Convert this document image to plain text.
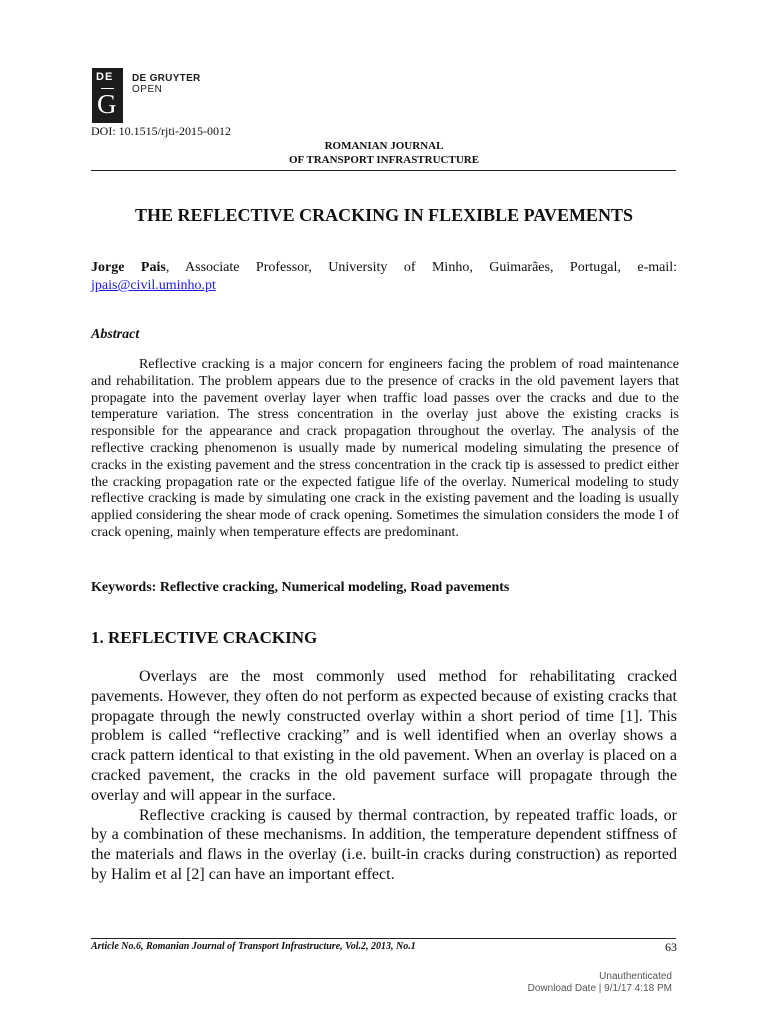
DE
G
DE GRUYTER
OPEN
DOI: 10.1515/rjti-2015-0012
ROMANIAN JOURNAL
OF TRANSPORT INFRASTRUCTURE
THE REFLECTIVE CRACKING IN FLEXIBLE PAVEMENTS
Jorge Pais, Associate Professor, University of Minho, Guimarães, Portugal, e-mail:
jpais@civil.uminho.pt
Abstract

Reflective cracking is a major concern for engineers facing the problem of road maintenance and rehabilitation. The problem appears due to the presence of cracks in the old pavement layers that propagate into the pavement overlay layer when traffic load passes over the cracks and due to the temperature variation. The stress concentration in the overlay just above the existing cracks is responsible for the appearance and crack propagation throughout the overlay. The analysis of the reflective cracking phenomenon is usually made by numerical modeling simulating the presence of cracks in the existing pavement and the stress concentration in the crack tip is assessed to predict either the cracking propagation rate or the expected fatigue life of the overlay. Numerical modeling to study reflective cracking is made by simulating one crack in the existing pavement and the loading is usually applied considering the shear mode of crack opening. Sometimes the simulation considers the mode I of crack opening, mainly when temperature effects are predominant.

Keywords: Reflective cracking, Numerical modeling, Road pavements
1. REFLECTIVE CRACKING

Overlays are the most commonly used method for rehabilitating cracked pavements. However, they often do not perform as expected because of existing cracks that propagate through the newly constructed overlay within a short period of time [1]. This problem is called “reflective cracking” and is well identified when an overlay shows a crack pattern identical to that existing in the old pavement. When an overlay is placed on a cracked pavement, the cracks in the old pavement surface will propagate through the overlay and will appear in the surface.

Reflective cracking is caused by thermal contraction, by repeated traffic loads, or by a combination of these mechanisms. In addition, the temperature dependent stiffness of the materials and flaws in the overlay (i.e. built-in cracks during construction) as reported by Halim et al [2] can have an important effect.

Article No.6, Romanian Journal of Transport Infrastructure, Vol.2, 2013, No.1	63
Unauthenticated
Download Date | 9/1/17 4:18 PM
